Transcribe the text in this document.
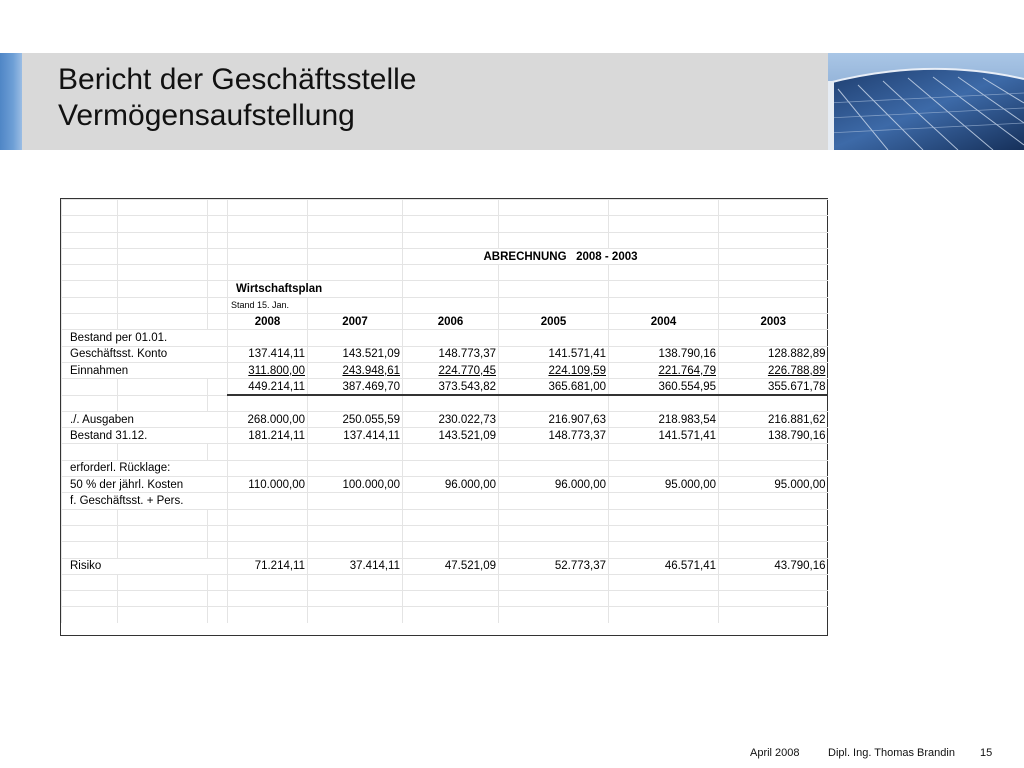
Bericht der Geschäftsstelle
Vermögensaufstellung

					ABRECHNUNG   2008 - 2003			

			Wirtschaftsplan					
			Stand 15. Jan.					
			2008	2007	2006	2005	2004	2003
Bestand per 01.01.								
Geschäftsst. Konto			137.414,11	143.521,09	148.773,37	141.571,41	138.790,16	128.882,89
Einnahmen			311.800,00	243.948,61	224.770,45	224.109,59	221.764,79	226.788,89
			449.214,11	387.469,70	373.543,82	365.681,00	360.554,95	355.671,78

./. Ausgaben			268.000,00	250.055,59	230.022,73	216.907,63	218.983,54	216.881,62
Bestand 31.12.			181.214,11	137.414,11	143.521,09	148.773,37	141.571,41	138.790,16

erforderl. Rücklage:								
50 % der jährl. Kosten			110.000,00	100.000,00	96.000,00	96.000,00	95.000,00	95.000,00
f. Geschäftsst. + Pers.								

Risiko			71.214,11	37.414,11	47.521,09	52.773,37	46.571,41	43.790,16

April 2008	Dipl. Ing. Thomas Brandin 15
